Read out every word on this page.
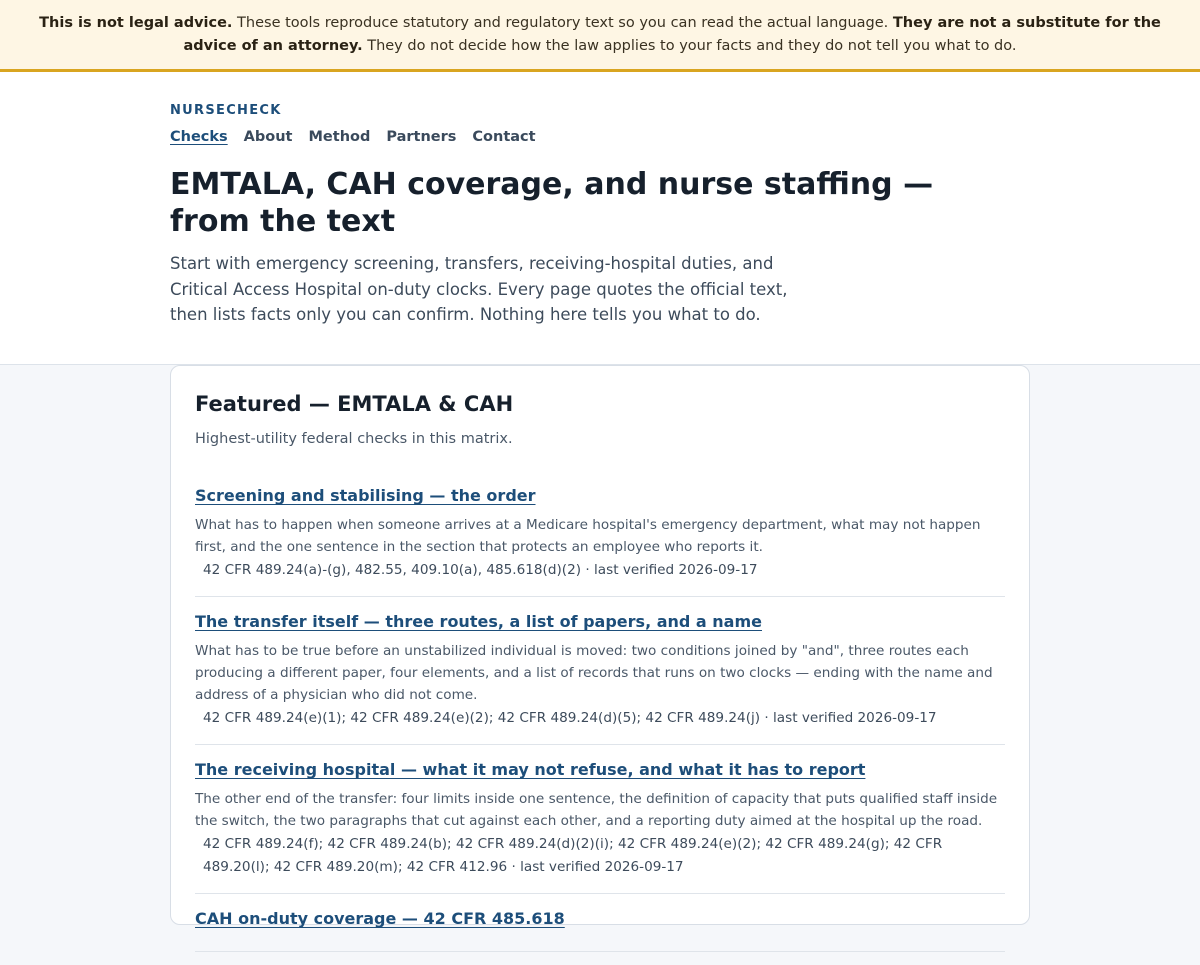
This is not legal advice. These tools reproduce statutory and regulatory text so you can read the actual language. They are not a substitute for the advice of an attorney. They do not decide how the law applies to your facts and they do not tell you what to do.
NURSECHECK
Checks About Method Partners Contact
EMTALA, CAH coverage, and nurse staffing — from the text

Start with emergency screening, transfers, receiving-hospital duties, and Critical Access Hospital on-duty clocks. Every page quotes the official text, then lists facts only you can confirm. Nothing here tells you what to do.

Featured — EMTALA & CAH

Highest-utility federal checks in this matrix.

Screening and stabilising — the order

What has to happen when someone arrives at a Medicare hospital's emergency department, what may not happen first, and the one sentence in the section that protects an employee who reports it.

42 CFR 489.24(a)-(g), 482.55, 409.10(a), 485.618(d)(2) · last verified 2026-09-17

The transfer itself — three routes, a list of papers, and a name

What has to be true before an unstabilized individual is moved: two conditions joined by "and", three routes each producing a different paper, four elements, and a list of records that runs on two clocks — ending with the name and address of a physician who did not come.

42 CFR 489.24(e)(1); 42 CFR 489.24(e)(2); 42 CFR 489.24(d)(5); 42 CFR 489.24(j) · last verified 2026-09-17

The receiving hospital — what it may not refuse, and what it has to report

The other end of the transfer: four limits inside one sentence, the definition of capacity that puts qualified staff inside the switch, the two paragraphs that cut against each other, and a reporting duty aimed at the hospital up the road.

42 CFR 489.24(f); 42 CFR 489.24(b); 42 CFR 489.24(d)(2)(i); 42 CFR 489.24(e)(2); 42 CFR 489.24(g); 42 CFR 489.20(l); 42 CFR 489.20(m); 42 CFR 412.96 · last verified 2026-09-17

CAH on-duty coverage — 42 CFR 485.618
